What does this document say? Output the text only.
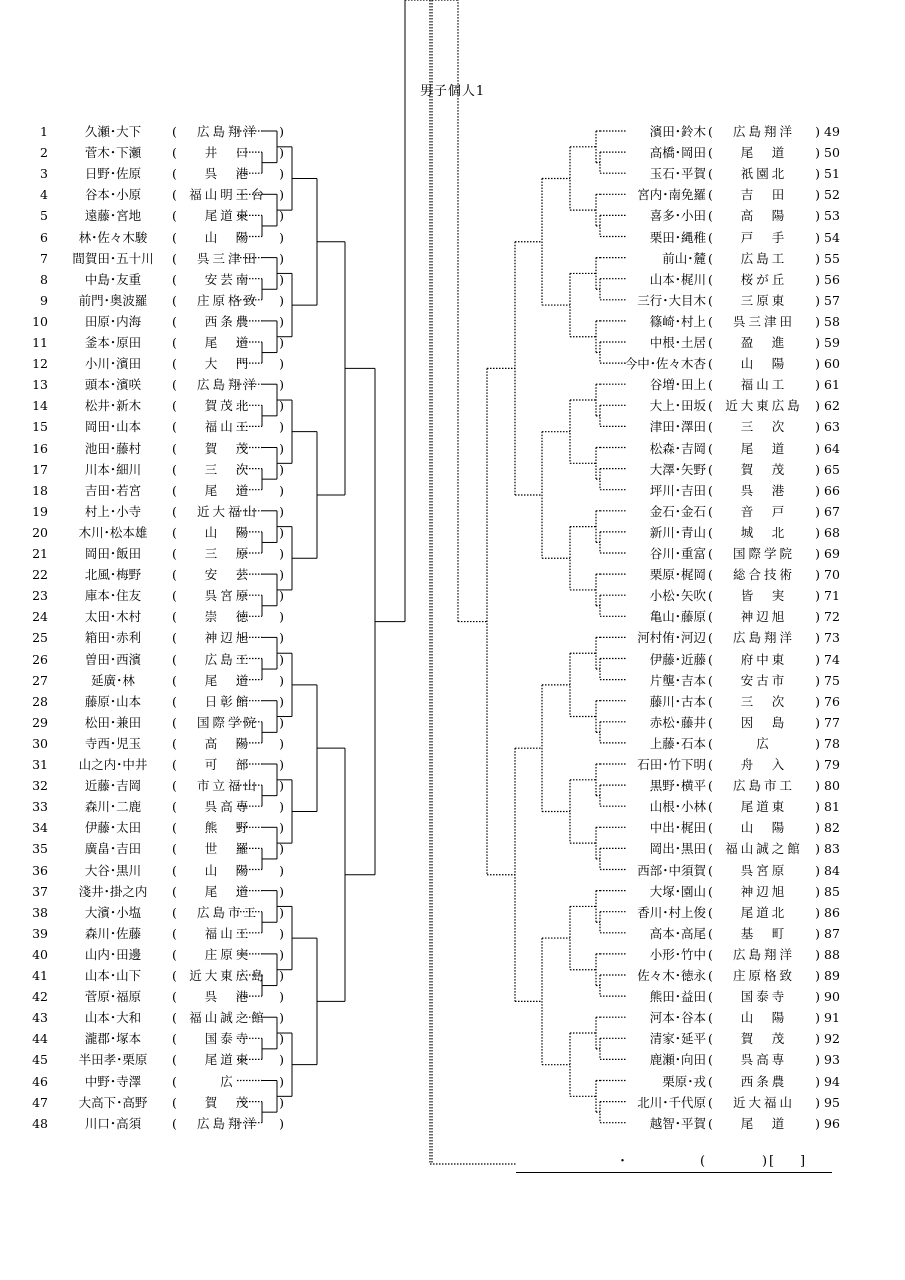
男子個人1
1	久瀬･大下	( 広島翔洋 )
2	菅木･下瀬	( 井　口 )
3	日野･佐原	( 呉　港 )
4	谷本･小原	( 福山明王台 )
5	遠藤･宮地	( 尾道東 )
6	林･佐々木駿	( 山　陽 )
7	間賀田･五十川	( 呉三津田 )
8	中島･友重	( 安芸南 )
9	前門･奥波羅	( 庄原格致 )
10	田原･内海	( 西条農 )
11	釜本･原田	( 尾　道 )
12	小川･濱田	( 大　門 )
13	頭本･濱咲	( 広島翔洋 )
14	松井･新木	( 賀茂北 )
15	岡田･山本	( 福山工 )
16	池田･藤村	( 賀　茂 )
17	川本･細川	( 三　次 )
18	吉田･若宮	( 尾　道 )
19	村上･小寺	( 近大福山 )
20	木川･松本雄	( 山　陽 )
21	岡田･飯田	( 三　原 )
22	北風･梅野	( 安　芸 )
23	庫本･住友	( 呉宮原 )
24	太田･木村	( 崇　徳 )
25	箱田･赤利	( 神辺旭 )
26	曽田･西濱	( 広島工 )
27	延廣･林	( 尾　道 )
28	藤原･山本	( 日彰館 )
29	松田･兼田	( 国際学院 )
30	寺西･児玉	( 高　陽 )
31	山之内･中井	( 可　部 )
32	近藤･吉岡	( 市立福山 )
33	森川･二鹿	( 呉高専 )
34	伊藤･太田	( 熊　野 )
35	廣畠･吉田	( 世　羅 )
36	大谷･黒川	( 山　陽 )
37	淺井･掛之内	( 尾　道 )
38	大濱･小塩	( 広島市工 )
39	森川･佐藤	( 福山工 )
40	山内･田邊	( 庄原実 )
41	山本･山下	( 近大東広島 )
42	菅原･福原	( 呉　港 )
43	山本･大和	( 福山誠之館 )
44	瀧郡･塚本	( 国泰寺 )
45	半田孝･栗原	( 尾道東 )
46	中野･寺澤	(	広	)
47	大高下･高野	( 賀　茂 )
48	川口･高須	( 広島翔洋 )
濱田･鈴木 ( 広島翔洋 ) 49
高橋･岡田 ( 尾　道 ) 50
玉石･平賀 ( 祇園北 ) 51
宮内･南免羅 ( 吉　田 ) 52
喜多･小田 ( 高　陽 ) 53
栗田･縄稚 ( 戸　手 ) 54
前山･麓 ( 広島工 ) 55
山本･梶川 ( 桜が丘 ) 56
三行･大目木 ( 三原東 ) 57
篠崎･村上 ( 呉三津田 ) 58
中根･土居 ( 盈　進 ) 59
今中･佐々木杏 ( 山　陽 ) 60
谷増･田上 ( 福山工 ) 61
大上･田坂 ( 近大東広島 ) 62
津田･澤田 ( 三　次 ) 63
松森･吉岡 ( 尾　道 ) 64
大澤･矢野 ( 賀　茂 ) 65
坪川･吉田 ( 呉　港 ) 66
金石･金石 ( 音　戸 ) 67
新川･青山 ( 城　北 ) 68
谷川･重富 ( 国際学院 ) 69
栗原･梶岡 ( 総合技術 ) 70
小松･矢吹 ( 皆　実 ) 71
亀山･藤原 ( 神辺旭 ) 72
河村侑･河辺 ( 広島翔洋 ) 73
伊藤･近藤 ( 府中東 ) 74
片壟･吉本 ( 安古市 ) 75
藤川･古本 ( 三　次 ) 76
赤松･藤井 ( 因　島 ) 77
上藤･石本 (	広	) 78
石田･竹下明 ( 舟　入 ) 79
黒野･横平 ( 広島市工 ) 80
山根･小林 ( 尾道東 ) 81
中出･梶田 ( 山　陽 ) 82
岡出･黒田 ( 福山誠之館 ) 83
西部･中須賀 ( 呉宮原 ) 84
大塚･園山 ( 神辺旭 ) 85
香川･村上俊 ( 尾道北 ) 86
高本･高尾 ( 基　町 ) 87
小形･竹中 ( 広島翔洋 ) 88
佐々木･徳永 ( 庄原格致 ) 89
熊田･益田 ( 国泰寺 ) 90
河本･谷本 ( 山　陽 ) 91
清家･延平 ( 賀　茂 ) 92
鹿瀬･向田 ( 呉高専 ) 93
栗原･戎 ( 西条農 ) 94
北川･千代原 ( 近大福山 ) 95
越智･平賀 ( 尾　道 ) 96
・	(	) [ ]
